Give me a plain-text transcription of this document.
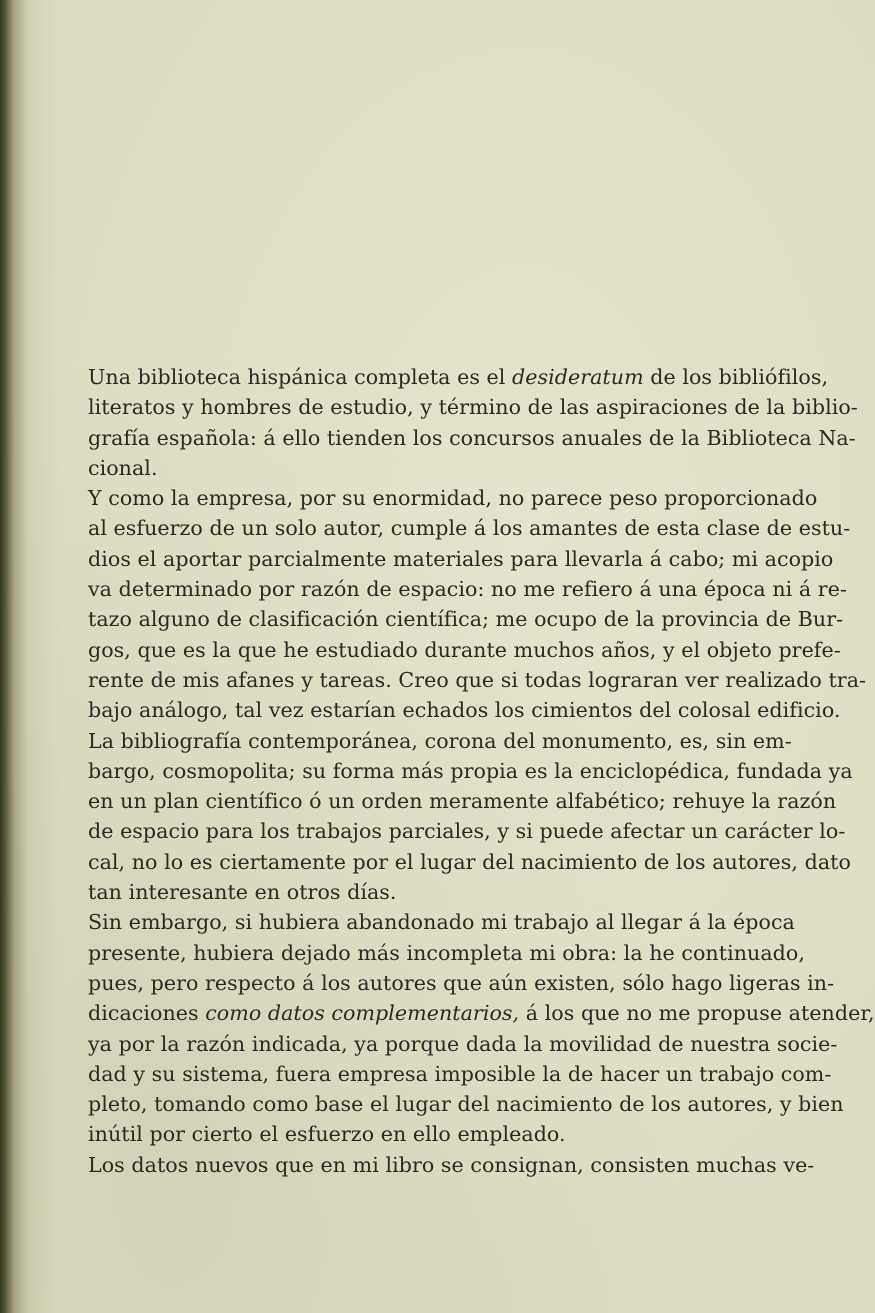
Una biblioteca hispánica completa es el desideratum de los bibliófilos,
literatos y hombres de estudio, y término de las aspiraciones de la biblio-
grafía española: á ello tienden los concursos anuales de la Biblioteca Na-
cional.
Y como la empresa, por su enormidad, no parece peso proporcionado
al esfuerzo de un solo autor, cumple á los amantes de esta clase de estu-
dios el aportar parcialmente materiales para llevarla á cabo; mi acopio
va determinado por razón de espacio: no me refiero á una época ni á re-
tazo alguno de clasificación científica; me ocupo de la provincia de Bur-
gos, que es la que he estudiado durante muchos años, y el objeto prefe-
rente de mis afanes y tareas. Creo que si todas lograran ver realizado tra-
bajo análogo, tal vez estarían echados los cimientos del colosal edificio.
La bibliografía contemporánea, corona del monumento, es, sin em-
bargo, cosmopolita; su forma más propia es la enciclopédica, fundada ya
en un plan científico ó un orden meramente alfabético; rehuye la razón
de espacio para los trabajos parciales, y si puede afectar un carácter lo-
cal, no lo es ciertamente por el lugar del nacimiento de los autores, dato
tan interesante en otros días.
Sin embargo, si hubiera abandonado mi trabajo al llegar á la época
presente, hubiera dejado más incompleta mi obra: la he continuado,
pues, pero respecto á los autores que aún existen, sólo hago ligeras in-
dicaciones como datos complementarios, á los que no me propuse atender,
ya por la razón indicada, ya porque dada la movilidad de nuestra socie-
dad y su sistema, fuera empresa imposible la de hacer un trabajo com-
pleto, tomando como base el lugar del nacimiento de los autores, y bien
inútil por cierto el esfuerzo en ello empleado.
Los datos nuevos que en mi libro se consignan, consisten muchas ve-
